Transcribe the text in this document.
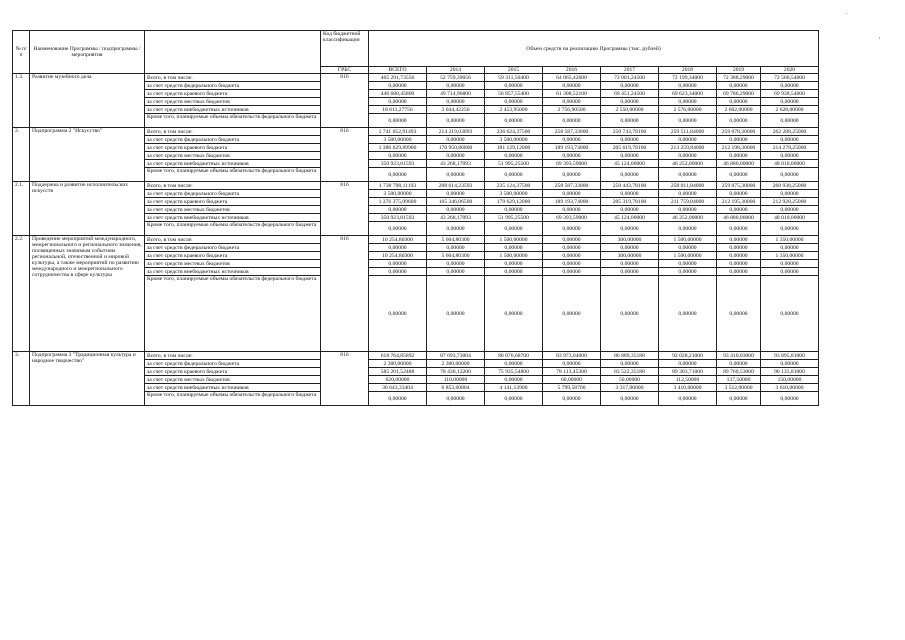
.
,
№ п/п	Наименование Программы / подпрограммы / мероприятия		Код бюджетной классификации	Объем средств на реализацию Программы (тыс. рублей)							
			ГРБС	ВСЕГО	2014	2015	2016	2017	2018	2019	2020
1.3.	Развитие музейного дела	Всего, в том числе:	816	465 291,73556	52 759,39056	59 311,50400	64 065,42600	72 001,24500	72 199,34000	72 388,29000	72 566,54000
		за счет средств федерального бюджета		0,00000	0,00000	0,00000	0,00000	0,00000	0,00000	0,00000	0,00000
		за счет средств краевого бюджета		446 680,45800	49 714,96800	56 857,55400	61 308,52100	69 451,24500	69 623,34000	69 786,29000	69 938,54000
		за счет средств местных бюджетов		0,00000	0,00000	0,00000	0,00000	0,00000	0,00000	0,00000	0,00000
		за счет средств внебюджетных источников		18 611,27756	3 044,42256	2 453,95000	2 756,90500	2 550,00000	2 576,00000	2 602,00000	2 628,00000
		Кроме того, планируемые объемы обязательств федерального бюджета		0,00000	0,00000	0,00000	0,00000	0,00000	0,00000	0,00000	0,00000
2.	Подпрограмма 2 "Искусство"	Всего, в том числе:	816	1 741 052,91493	214 219,03893	236 624,37500	258 587,33000	250 743,78100	259 511,84000	259 078,30000	262 288,25000
		за счет средств федерального бюджета		3 500,00000	0,00000	3 500,00000	0,00000	0,00000	0,00000	0,00000	0,00000
		за счет средств краевого бюджета		1 386 629,89900	170 950,86800	181 129,12000	189 193,74000	205 619,78100	213 259,84000	212 198,30000	214 278,25000
		за счет средств местных бюджетов		0,00000	0,00000	0,00000	0,00000	0,00000	0,00000	0,00000	0,00000
		за счет средств внебюджетных источников		350 923,01593	43 268,17093	51 995,25500	69 393,59000	45 124,00000	46 252,00000	46 880,00000	48 010,00000
		Кроме того, планируемые объемы обязательств федерального бюджета		0,00000	0,00000	0,00000	0,00000	0,00000	0,00000	0,00000	0,00000
2.1.	Поддержка и развитие исполнительских искусств	Всего, в том числе:	816	1 730 798,11193	208 614,23593	235 124,37500	258 587,33000	250 443,78100	258 011,84000	259 075,30000	260 938,25000
		за счет средств федерального бюджета		3 500,00000	0,00000	3 500,00000	0,00000	0,00000	0,00000	0,00000	0,00000
		за счет средств краевого бюджета		1 376 375,09600	165 346,06500	179 629,12000	189 193,74000	205 319,78100	211 759,84000	212 195,30000	212 928,25000
		за счет средств местных бюджетов		0,00000	0,00000	0,00000	0,00000	0,00000	0,00000	0,00000	0,00000
		за счет средств внебюджетных источников		350 923,01593	43 268,17093	51 995,25500	69 393,59000	45 124,00000	46 252,00000	46 880,00000	48 010,00000
		Кроме того, планируемые объемы обязательств федерального бюджета		0,00000	0,00000	0,00000	0,00000	0,00000	0,00000	0,00000	0,00000
2.2.	Проведение мероприятий международного, межрегионального и регионального значения, посвященных значимым событиям региональной, отечественной и мировой культуры, а также мероприятий по развитию международного и межрегионального сотрудничества в сфере культуры	Всего, в том числе:	816	10 254,80300	5 604,80300	1 500,00000	0,00000	300,00000	1 500,00000	0,00000	1 350,00000
		за счет средств федерального бюджета		0,00000	0,00000	0,00000	0,00000	0,00000	0,00000	0,00000	0,00000
		за счет средств краевого бюджета		10 254,80300	5 604,80300	1 500,00000	0,00000	300,00000	1 500,00000	0,00000	1 350,00000
		за счет средств местных бюджетов		0,00000	0,00000	0,00000	0,00000	0,00000	0,00000	0,00000	0,00000
		за счет средств внебюджетных источников		0,00000	0,00000	0,00000	0,00000	0,00000	0,00000	0,00000	0,00000
		Кроме того, планируемые объемы обязательств федерального бюджета		0,00000	0,00000	0,00000	0,00000	0,00000	0,00000	0,00000	0,00000
3.	Подпрограмма 3 "Традиционная культура и народное творчество"	Всего, в том числе:	816	618 764,85892	87 693,73004	80 076,68700	83 973,04000	86 889,35188	92 028,21000	93 410,03000	93 895,81000
		за счет средств федерального бюджета		2 300,00000	2 300,00000	0,00000	0,00000	0,00000	0,00000	0,00000	0,00000
		за счет средств краевого бюджета		585 201,52488	78 430,12200	75 935,54800	78 113,45300	83 522,35188	89 303,71000	89 760,53000	90 135,81000
		за счет средств местных бюджетов		620,00000	110,00000	0,00000	60,00000	50,00000	112,50000	137,50000	150,00000
		за счет средств внебюджетных источников		30 643,33404	6 853,60804	4 141,13900	5 799,58700	3 317,00000	3 410,00000	3 512,00000	3 610,00000
		Кроме того, планируемые объемы обязательств федерального бюджета		0,00000	0,00000	0,00000	0,00000	0,00000	0,00000	0,00000	0,00000
